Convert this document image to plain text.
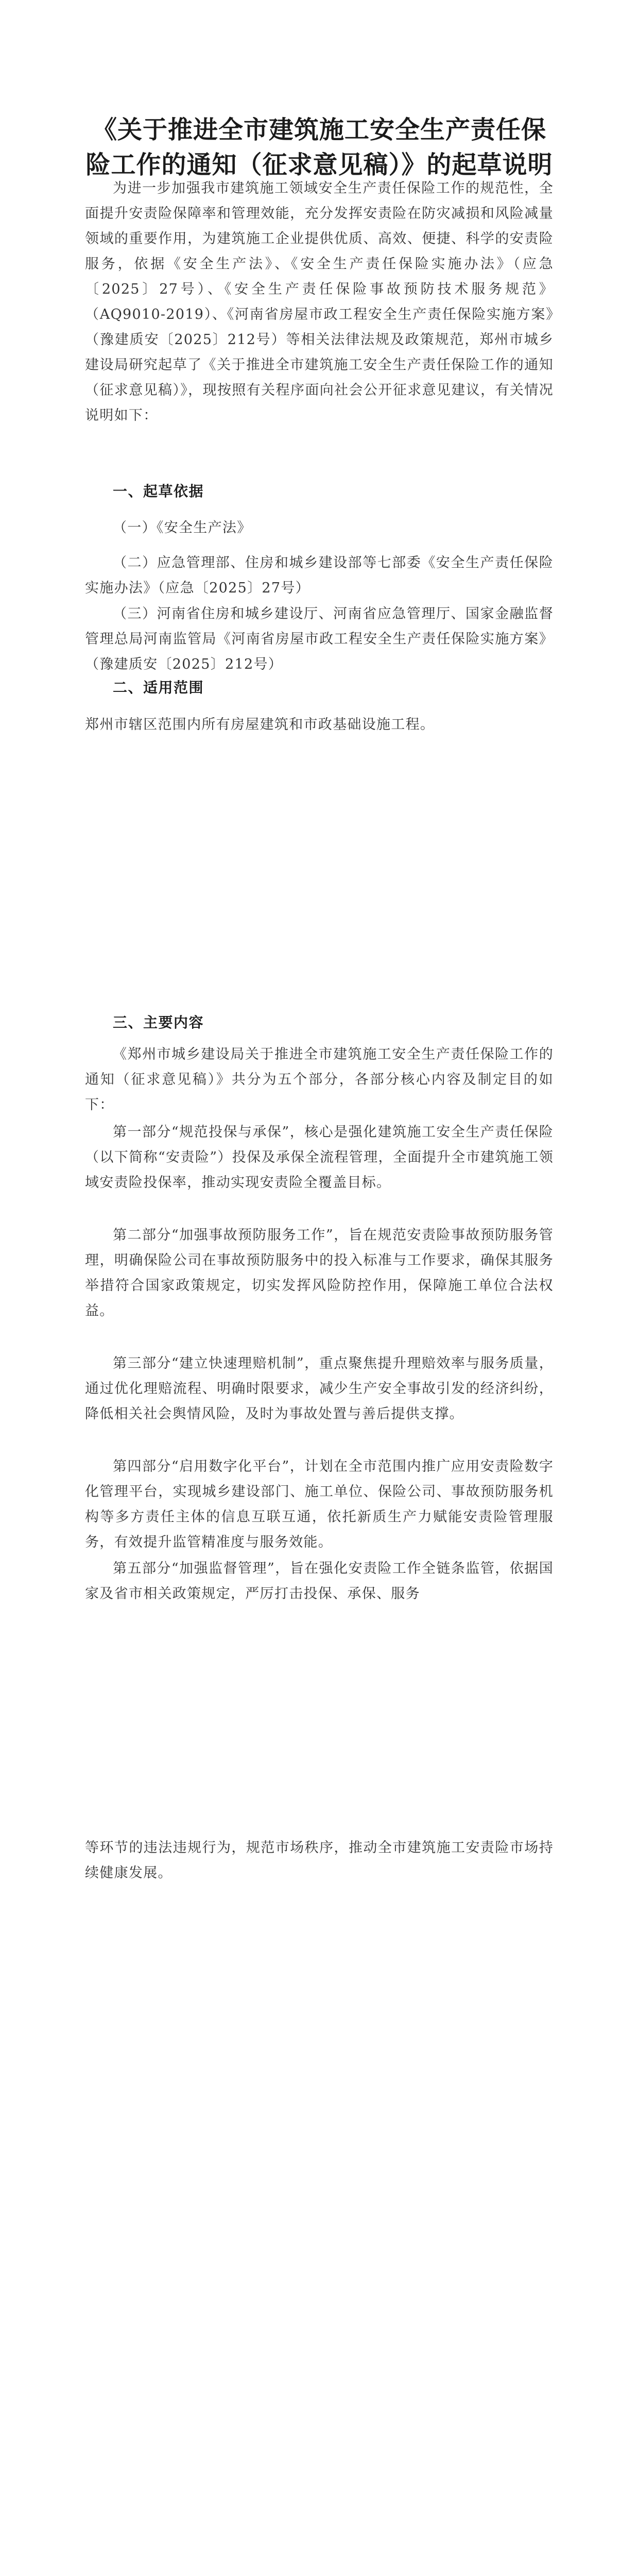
《关于推进全市建筑施工安全生产责任保险工作的通知（征求意见稿）》的起草说明

为进一步加强我市建筑施工领域安全生产责任保险工作的规范性，全面提升安责险保障率和管理效能，充分发挥安责险在防灾减损和风险减量领域的重要作用，为建筑施工企业提供优质、高效、便捷、科学的安责险服务，依据《安全生产法》、《安全生产责任保险实施办法》（应急〔2025〕27号）、《安全生产责任保险事故预防技术服务规范》（AQ9010-2019）、《河南省房屋市政工程安全生产责任保险实施方案》（豫建质安〔2025〕212号）等相关法律法规及政策规范，郑州市城乡建设局研究起草了《关于推进全市建筑施工安全生产责任保险工作的通知（征求意见稿）》，现按照有关程序面向社会公开征求意见建议，有关情况说明如下：

一、起草依据

（一）《安全生产法》

（二）应急管理部、住房和城乡建设部等七部委《安全生产责任保险实施办法》（应急〔2025〕27号）

（三）河南省住房和城乡建设厅、河南省应急管理厅、国家金融监督管理总局河南监管局《河南省房屋市政工程安全生产责任保险实施方案》（豫建质安〔2025〕212号）

二、适用范围

郑州市辖区范围内所有房屋建筑和市政基础设施工程。

三、主要内容

《郑州市城乡建设局关于推进全市建筑施工安全生产责任保险工作的通知（征求意见稿）》共分为五个部分，各部分核心内容及制定目的如下：

第一部分“规范投保与承保”，核心是强化建筑施工安全生产责任保险（以下简称“安责险”）投保及承保全流程管理，全面提升全市建筑施工领域安责险投保率，推动实现安责险全覆盖目标。

第二部分“加强事故预防服务工作”，旨在规范安责险事故预防服务管理，明确保险公司在事故预防服务中的投入标准与工作要求，确保其服务举措符合国家政策规定，切实发挥风险防控作用，保障施工单位合法权益。

第三部分“建立快速理赔机制”，重点聚焦提升理赔效率与服务质量，通过优化理赔流程、明确时限要求，减少生产安全事故引发的经济纠纷，降低相关社会舆情风险，及时为事故处置与善后提供支撑。

第四部分“启用数字化平台”，计划在全市范围内推广应用安责险数字化管理平台，实现城乡建设部门、施工单位、保险公司、事故预防服务机构等多方责任主体的信息互联互通，依托新质生产力赋能安责险管理服务，有效提升监管精准度与服务效能。

第五部分“加强监督管理”，旨在强化安责险工作全链条监管，依据国家及省市相关政策规定，严厉打击投保、承保、服务

等环节的违法违规行为，规范市场秩序，推动全市建筑施工安责险市场持续健康发展。
